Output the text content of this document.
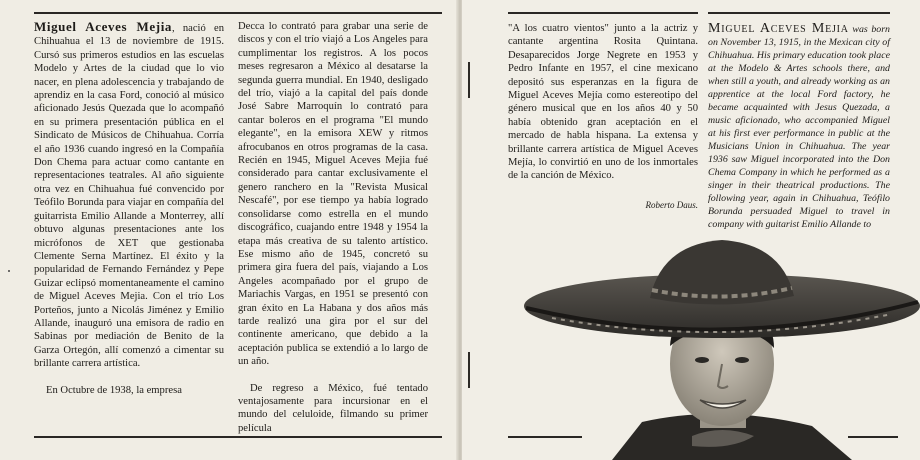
Miguel Aceves Mejia, nació en Chihuahua el 13 de noviembre de 1915. Cursó sus primeros estudios en las escuelas Modelo y Artes de la ciudad que lo vio nacer, en plena adolescencia y trabajando de aprendiz en la casa Ford, conoció al músico aficionado Jesús Quezada que lo acompañó en su primera presentación pública en el Sindicato de Músicos de Chihuahua. Corría el año 1936 cuando ingresó en la Compañía Don Chema para actuar como cantante en representaciones teatrales. Al año siguiente otra vez en Chihuahua fué convencido por Teófilo Borunda para viajar en compañía del guitarrista Emilio Allande a Monterrey, allí obtuvo algunas presentaciones ante los micrófonos de XET que gestionaba Clemente Serna Martínez. El éxito y la popularidad de Fernando Fernández y Pepe Guizar eclipsó momentaneamente el camino de Miguel Aceves Mejia. Con el trío Los Porteños, junto a Nicolás Jiménez y Emilio Allande, inauguró una emisora de radio en Sabinas por mediación de Benito de la Garza Ortegón, allí comenzó a cimentar su brillante carrera artística.

En Octubre de 1938, la empresa

Decca lo contrató para grabar una serie de discos y con el trío viajó a Los Angeles para cumplimentar los registros. A los pocos meses regresaron a México al desatarse la segunda guerra mundial. En 1940, desligado del trío, viajó a la capital del país donde José Sabre Marroquín lo contrató para cantar boleros en el programa "El mundo elegante", en la emisora XEW y ritmos afrocubanos en otros programas de la casa. Recién en 1945, Miguel Aceves Mejia fué considerado para cantar exclusivamente el genero ranchero en la "Revista Musical Nescafé", por ese tiempo ya había logrado consolidarse como estrella en el mundo discográfico, cuajando entre 1948 y 1954 la etapa más creativa de su talento artístico. Ese mismo año de 1945, concretó su primera gira fuera del país, viajando a Los Angeles acompañado por el grupo de Mariachis Vargas, en 1951 se presentó con gran éxito en La Habana y dos años más tarde realizó una gira por el sur del continente americano, que debido a la aceptación publica se extendió a lo largo de un año.

De regreso a México, fué tentado ventajosamente para incursionar en el mundo del celuloide, filmando su primer película

"A los cuatro vientos" junto a la actriz y cantante argentina Rosita Quintana. Desaparecidos Jorge Negrete en 1953 y Pedro Infante en 1957, el cine mexicano depositó sus esperanzas en la figura de Miguel Aceves Mejía como estereotipo del género musical que en los años 40 y 50 había obtenido gran aceptación en el mercado de habla hispana. La extensa y brillante carrera artística de Miguel Aceves Mejía, lo convirtió en uno de los inmortales de la canción de México.

Roberto Daus.

Miguel Aceves Mejia was born on November 13, 1915, in the Mexican city of Chihuahua. His primary education took place at the Modelo & Artes schools there, and when still a youth, and already working as an apprentice at the local Ford factory, he became acquainted with Jesus Quezada, a music aficionado, who accompanied Miguel at his first ever performance in public at the Musicians Union in Chihuahua. The year 1936 saw Miguel incorporated into the Don Chema Company in which he performed as a singer in their theatrical productions. The following year, again in Chihuahua, Teófilo Borunda persuaded Miguel to travel in company with guitarist Emilio Allande to
